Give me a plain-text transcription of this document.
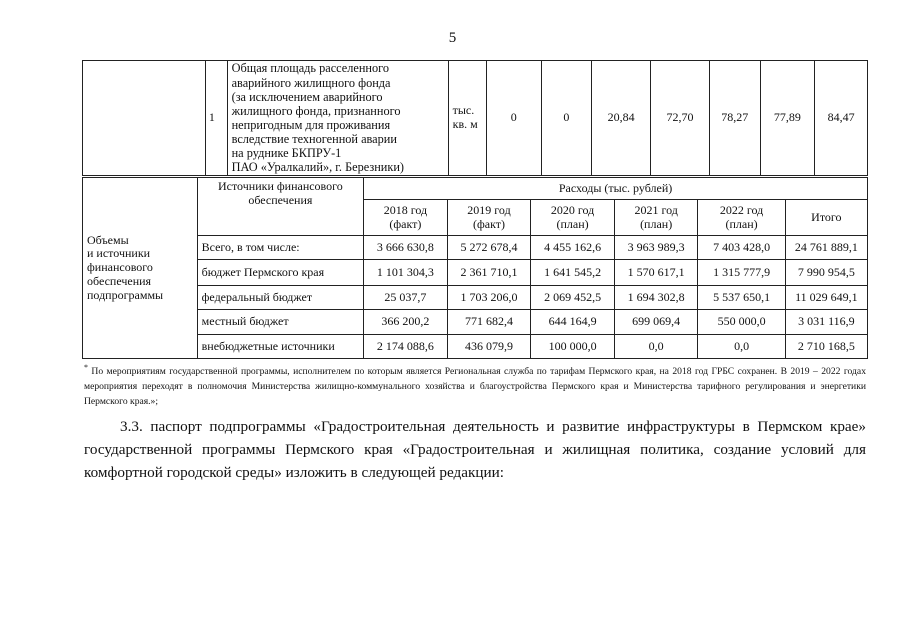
5
	1	Общая площадь расселенного
аварийного жилищного фонда
(за исключением аварийного
жилищного фонда, признанного
непригодным для проживания
вследствие техногенной аварии
на руднике БКПРУ-1
ПАО «Уралкалий», г. Березники)	тыс.
кв. м	0	0	20,84	72,70	78,27	77,89	84,47
Объемы
и источники
финансового
обеспечения
подпрограммы	Источники финансового
обеспечения	Расходы (тыс. рублей)					
		2018 год
(факт)	2019 год
(факт)	2020 год
(план)	2021 год
(план)	2022 год
(план)	Итого
	Всего, в том числе:	3 666 630,8	5 272 678,4	4 455 162,6	3 963 989,3	7 403 428,0	24 761 889,1
	бюджет Пермского края	1 101 304,3	2 361 710,1	1 641 545,2	1 570 617,1	1 315 777,9	7 990 954,5
	федеральный бюджет	25 037,7	1 703 206,0	2 069 452,5	1 694 302,8	5 537 650,1	11 029 649,1
	местный бюджет	366 200,2	771 682,4	644 164,9	699 069,4	550 000,0	3 031 116,9
	внебюджетные источники	2 174 088,6	436 079,9	100 000,0	0,0	0,0	2 710 168,5
* По мероприятиям государственной программы, исполнителем по которым является Региональная служба по тарифам Пермского края, на 2018 год ГРБС сохранен. В 2019 – 2022 годах мероприятия переходят в полномочия Министерства жилищно-коммунального хозяйства и благоустройства Пермского края и Министерства тарифного регулирования и энергетики Пермского края.»;
3.3. паспорт подпрограммы «Градостроительная деятельность и развитие инфраструктуры в Пермском крае» государственной программы Пермского края «Градостроительная и жилищная политика, создание условий для комфортной городской среды» изложить в следующей редакции:
